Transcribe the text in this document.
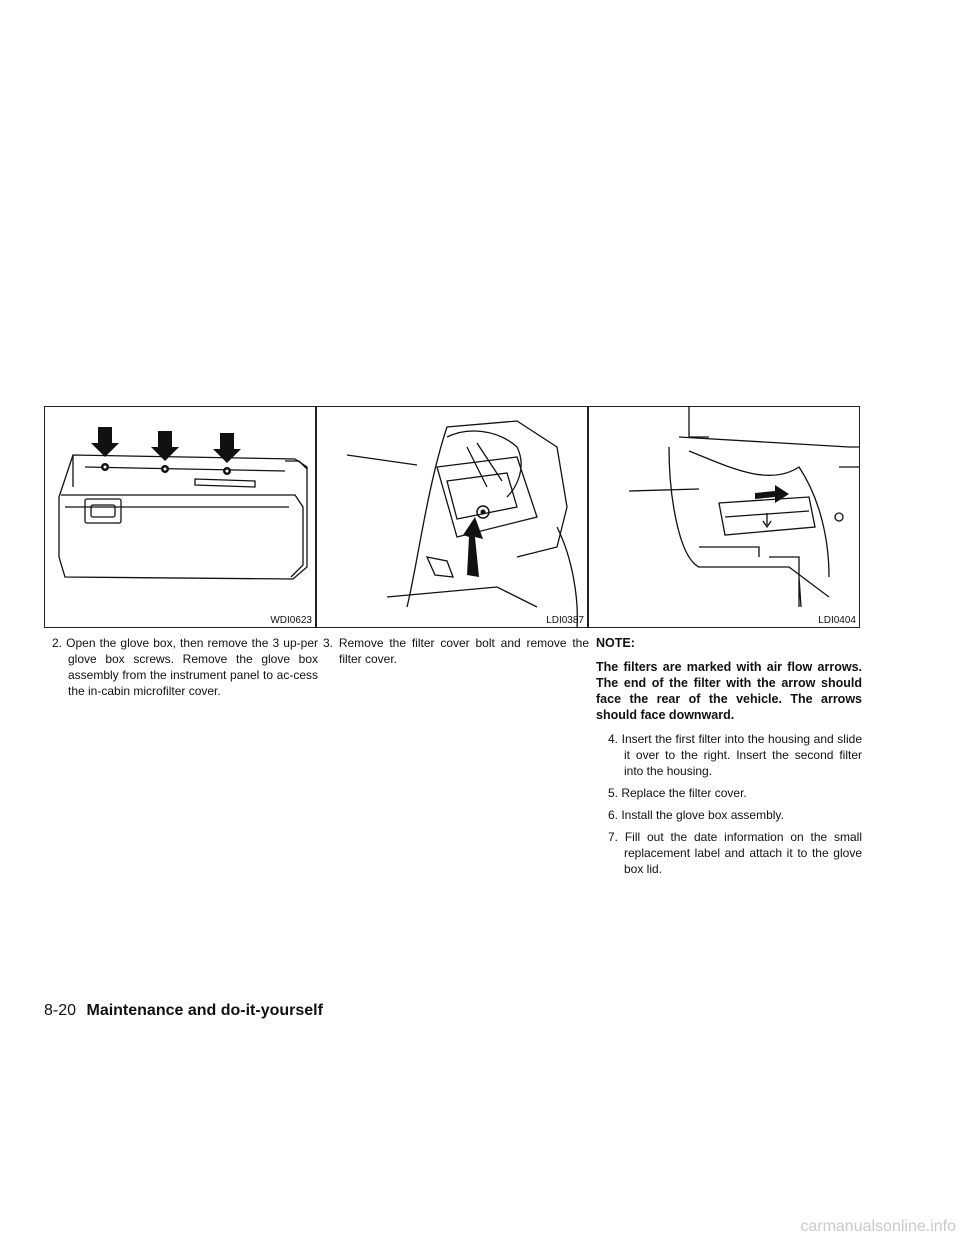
WDI0623	LDI0387	LDI0404

2. Open the glove box, then remove the 3 up-per glove box screws. Remove the glove box assembly from the instrument panel to ac-cess the in-cabin microfilter cover.

3. Remove the filter cover bolt and remove the filter cover.

NOTE:

The filters are marked with air flow arrows. The end of the filter with the arrow should face the rear of the vehicle. The arrows should face downward.

4. Insert the first filter into the housing and slide it over to the right. Insert the second filter into the housing.

5. Replace the filter cover.

6. Install the glove box assembly.

7. Fill out the date information on the small replacement label and attach it to the glove box lid.

8-20 Maintenance and do-it-yourself
carmanualsonline.info
